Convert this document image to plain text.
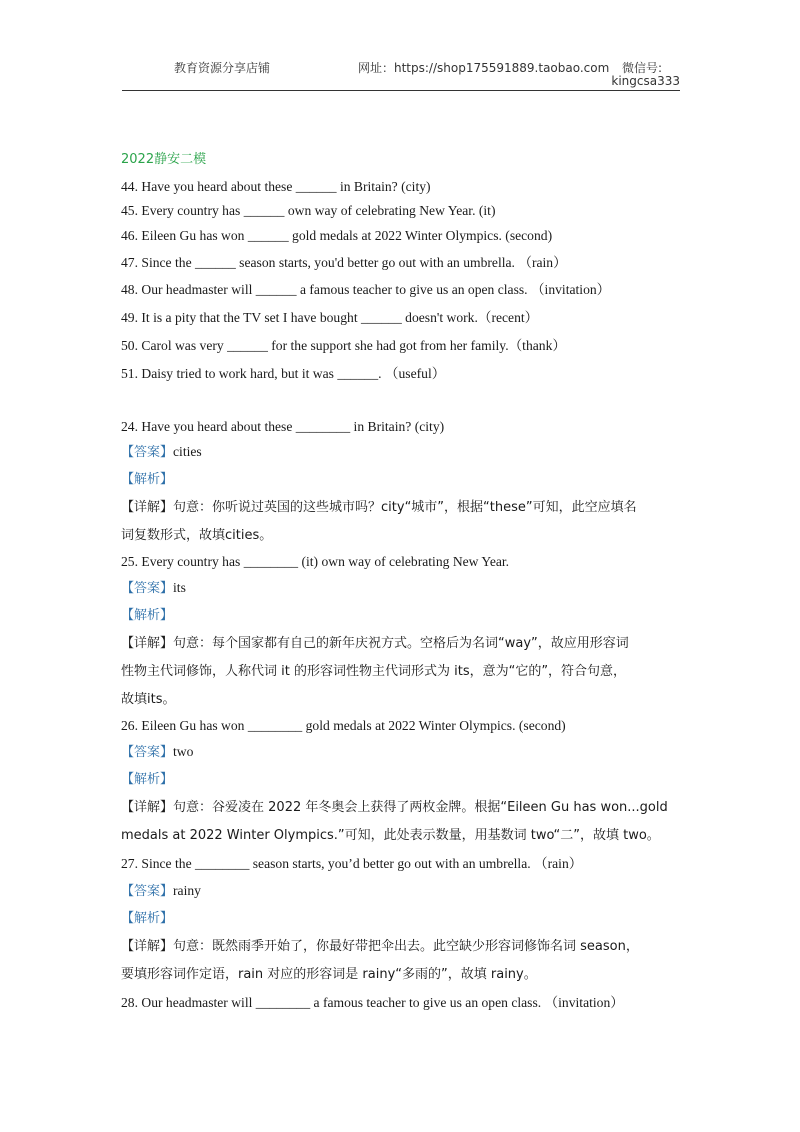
教育资源分享店铺	网址：https://shop175591889.taobao.com 微信号:
kingcsa333
2022静安二模
44. Have you heard about these ______ in Britain? (city)
45. Every country has ______ own way of celebrating New Year. (it)
46. Eileen Gu has won ______ gold medals at 2022 Winter Olympics. (second)
47. Since the ______ season starts, you'd better go out with an umbrella. （rain）
48. Our headmaster will ______ a famous teacher to give us an open class. （invitation）
49. It is a pity that the TV set I have bought ______ doesn't work.（recent）
50. Carol was very ______ for the support she had got from her family.（thank）
51. Daisy tried to work hard, but it was ______. （useful）
24. Have you heard about these ________ in Britain? (city)
【答案】cities
【解析】
【详解】句意：你听说过英国的这些城市吗？city“城市”，根据“these”可知，此空应填名
词复数形式，故填cities。
25. Every country has ________ (it) own way of celebrating New Year.
【答案】its
【解析】
【详解】句意：每个国家都有自己的新年庆祝方式。空格后为名词“way”，故应用形容词
性物主代词修饰，人称代词 it 的形容词性物主代词形式为 its，意为“它的”，符合句意，
故填its。
26. Eileen Gu has won ________ gold medals at 2022 Winter Olympics. (second)
【答案】two
【解析】
【详解】句意：谷爱凌在 2022 年冬奥会上获得了两枚金牌。根据“Eileen Gu has won...gold
medals at 2022 Winter Olympics.”可知，此处表示数量，用基数词 two“二”，故填 two。
27. Since the ________ season starts, you’d better go out with an umbrella. （rain）
【答案】rainy
【解析】
【详解】句意：既然雨季开始了，你最好带把伞出去。此空缺少形容词修饰名词 season，
要填形容词作定语，rain 对应的形容词是 rainy“多雨的”，故填 rainy。
28. Our headmaster will ________ a famous teacher to give us an open class. （invitation）
